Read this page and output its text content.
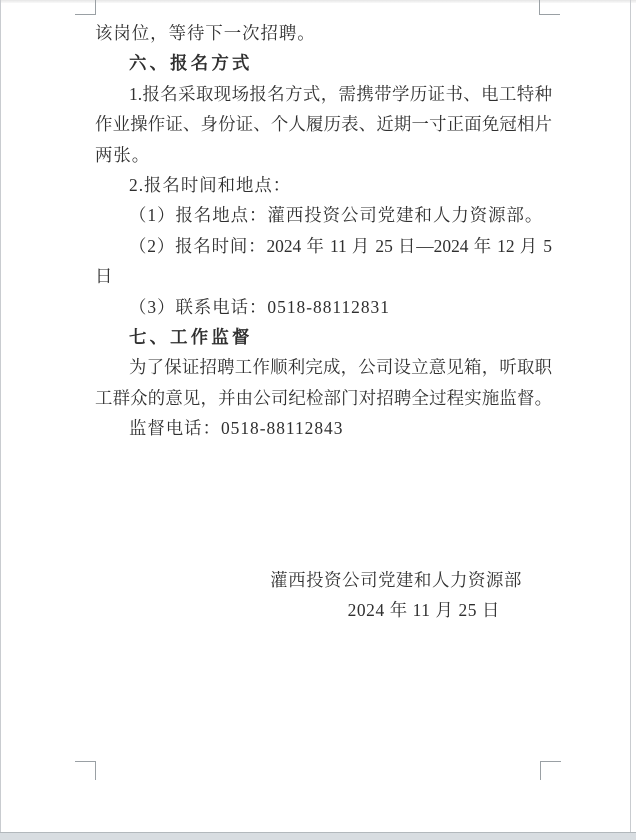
该岗位，等待下一次招聘。
六、报名方式
1.报名采取现场报名方式，需携带学历证书、电工特种
作业操作证、身份证、个人履历表、近期一寸正面免冠相片
两张。
2.报名时间和地点：
（1）报名地点：灌西投资公司党建和人力资源部。
（2）报名时间：2024 年 11 月 25 日—2024 年 12 月 5
日
（3）联系电话：0518-88112831
七、工作监督
为了保证招聘工作顺利完成，公司设立意见箱，听取职
工群众的意见，并由公司纪检部门对招聘全过程实施监督。
监督电话：0518-88112843
灌西投资公司党建和人力资源部
2024 年 11 月 25 日
